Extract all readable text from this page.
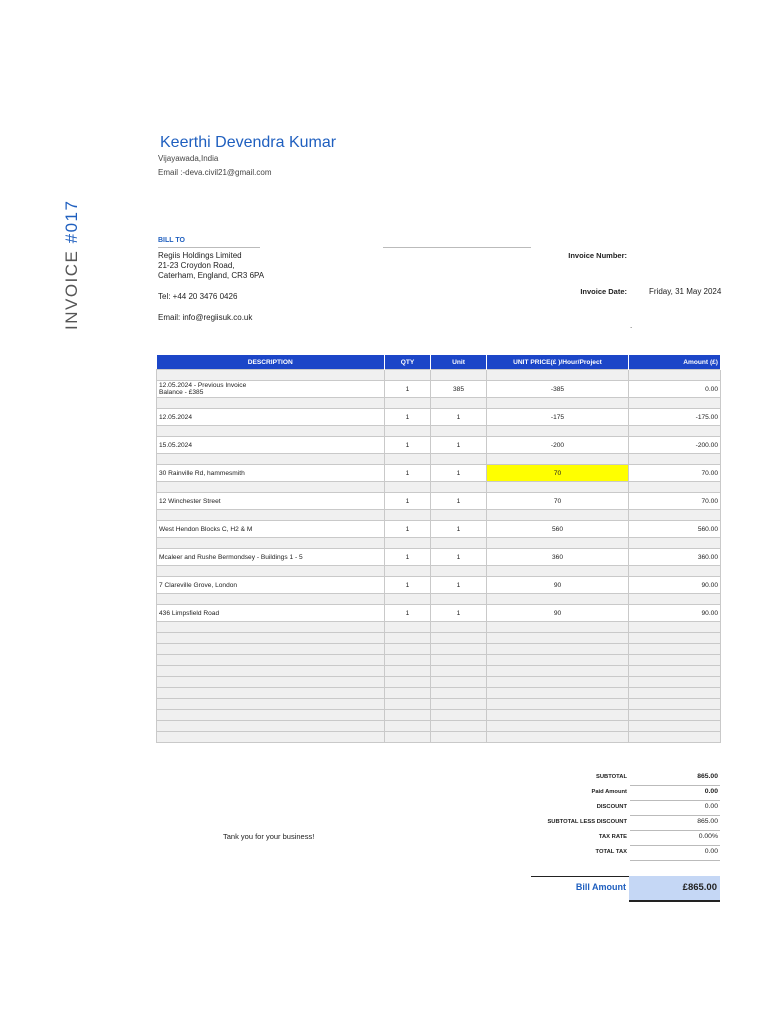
INVOICE #017
Keerthi Devendra Kumar
Vijayawada,India
Email :-deva.civil21@gmail.com
BILL TO
Regiis Holdings Limited
21-23 Croydon Road,
Caterham, England, CR3 6PA
Tel: +44 20 3476 0426
Email: info@regiisuk.co.uk
Invoice Number:
Invoice Date:	Friday, 31 May 2024
.
DESCRIPTION	QTY	Unit	UNIT PRICE(£ )/Hour/Project	Amount (£)

12.05.2024 - Previous Invoice
Balance - £385	1	385	-385	0.00

12.05.2024	1	1	-175	-175.00

15.05.2024	1	1	-200	-200.00

30 Rainville Rd, hammesmith	1	1	70	70.00

12 Winchester Street	1	1	70	70.00

West Hendon Blocks C, H2 & M	1	1	560	560.00

Mcaleer and Rushe Bermondsey - Buildings 1 - 5	1	1	360	360.00

7 Clareville Grove, London	1	1	90	90.00

436 Limpsfield Road	1	1	90	90.00

SUBTOTAL	865.00
Paid Amount	0.00
DISCOUNT	0.00
SUBTOTAL LESS DISCOUNT	865.00
TAX RATE	0.00%
TOTAL TAX	0.00
Tank you for your business!
Bill Amount	£865.00
